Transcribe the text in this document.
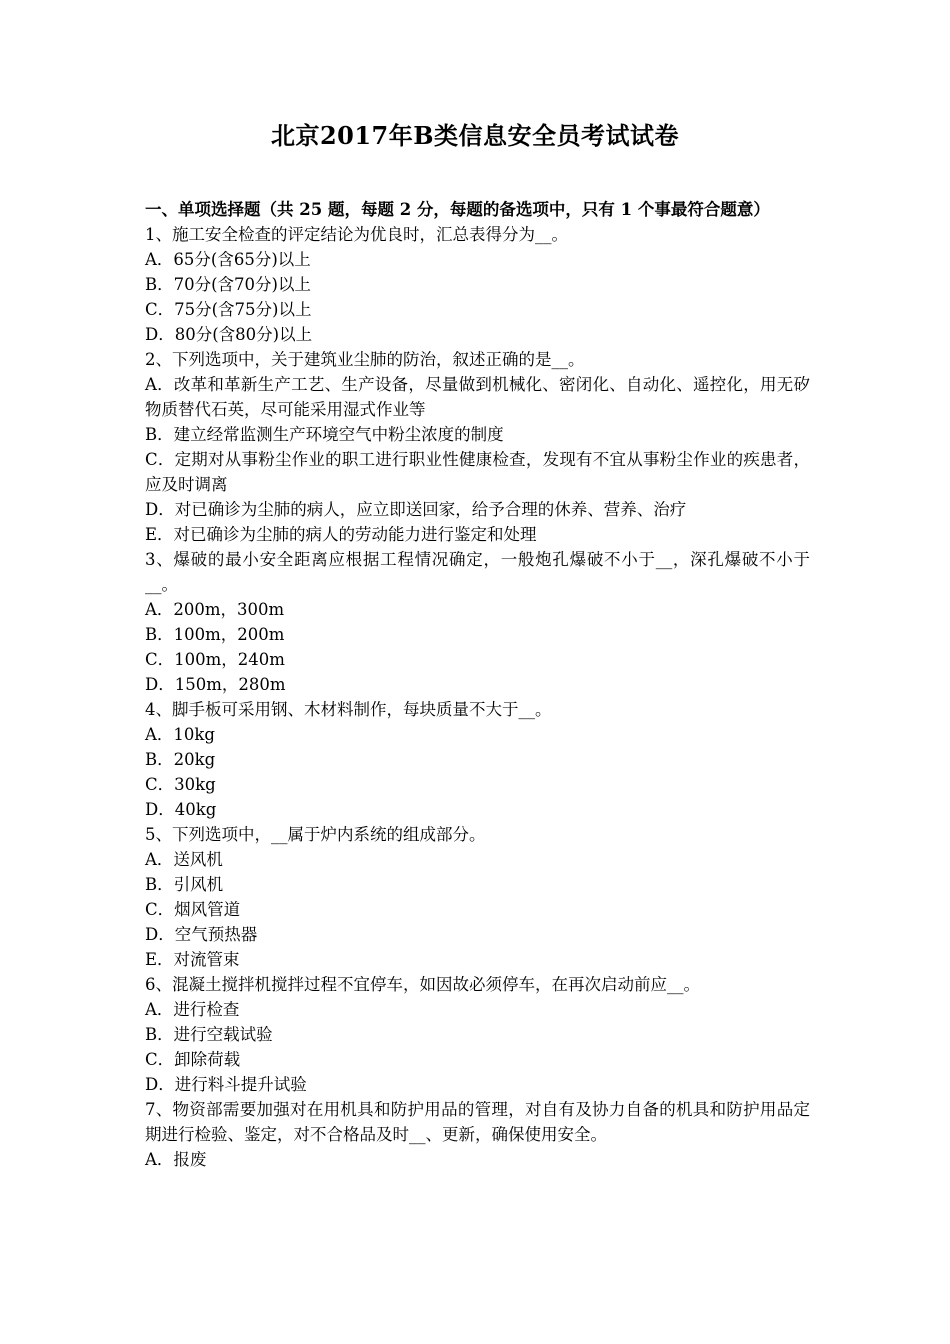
北京2017年B类信息安全员考试试卷
一、单项选择题（共 25 题，每题 2 分，每题的备选项中，只有 1 个事最符合题意）
1、施工安全检查的评定结论为优良时，汇总表得分为__。
A．65分(含65分)以上
B．70分(含70分)以上
C．75分(含75分)以上
D．80分(含80分)以上
2、下列选项中，关于建筑业尘肺的防治，叙述正确的是__。
A．改革和革新生产工艺、生产设备，尽量做到机械化、密闭化、自动化、遥控化，用无矽物质替代石英，尽可能采用湿式作业等
B．建立经常监测生产环境空气中粉尘浓度的制度
C．定期对从事粉尘作业的职工进行职业性健康检查，发现有不宜从事粉尘作业的疾患者，应及时调离
D．对已确诊为尘肺的病人，应立即送回家，给予合理的休养、营养、治疗
E．对已确诊为尘肺的病人的劳动能力进行鉴定和处理
3、爆破的最小安全距离应根据工程情况确定，一般炮孔爆破不小于__，深孔爆破不小于__。
A．200m，300m
B．100m，200m
C．100m，240m
D．150m，280m
4、脚手板可采用钢、木材料制作，每块质量不大于__。
A．10kg
B．20kg
C．30kg
D．40kg
5、下列选项中，__属于炉内系统的组成部分。
A．送风机
B．引风机
C．烟风管道
D．空气预热器
E．对流管束
6、混凝土搅拌机搅拌过程不宜停车，如因故必须停车，在再次启动前应__。
A．进行检查
B．进行空载试验
C．卸除荷载
D．进行料斗提升试验
7、物资部需要加强对在用机具和防护用品的管理，对自有及协力自备的机具和防护用品定期进行检验、鉴定，对不合格品及时__、更新，确保使用安全。
A．报废
